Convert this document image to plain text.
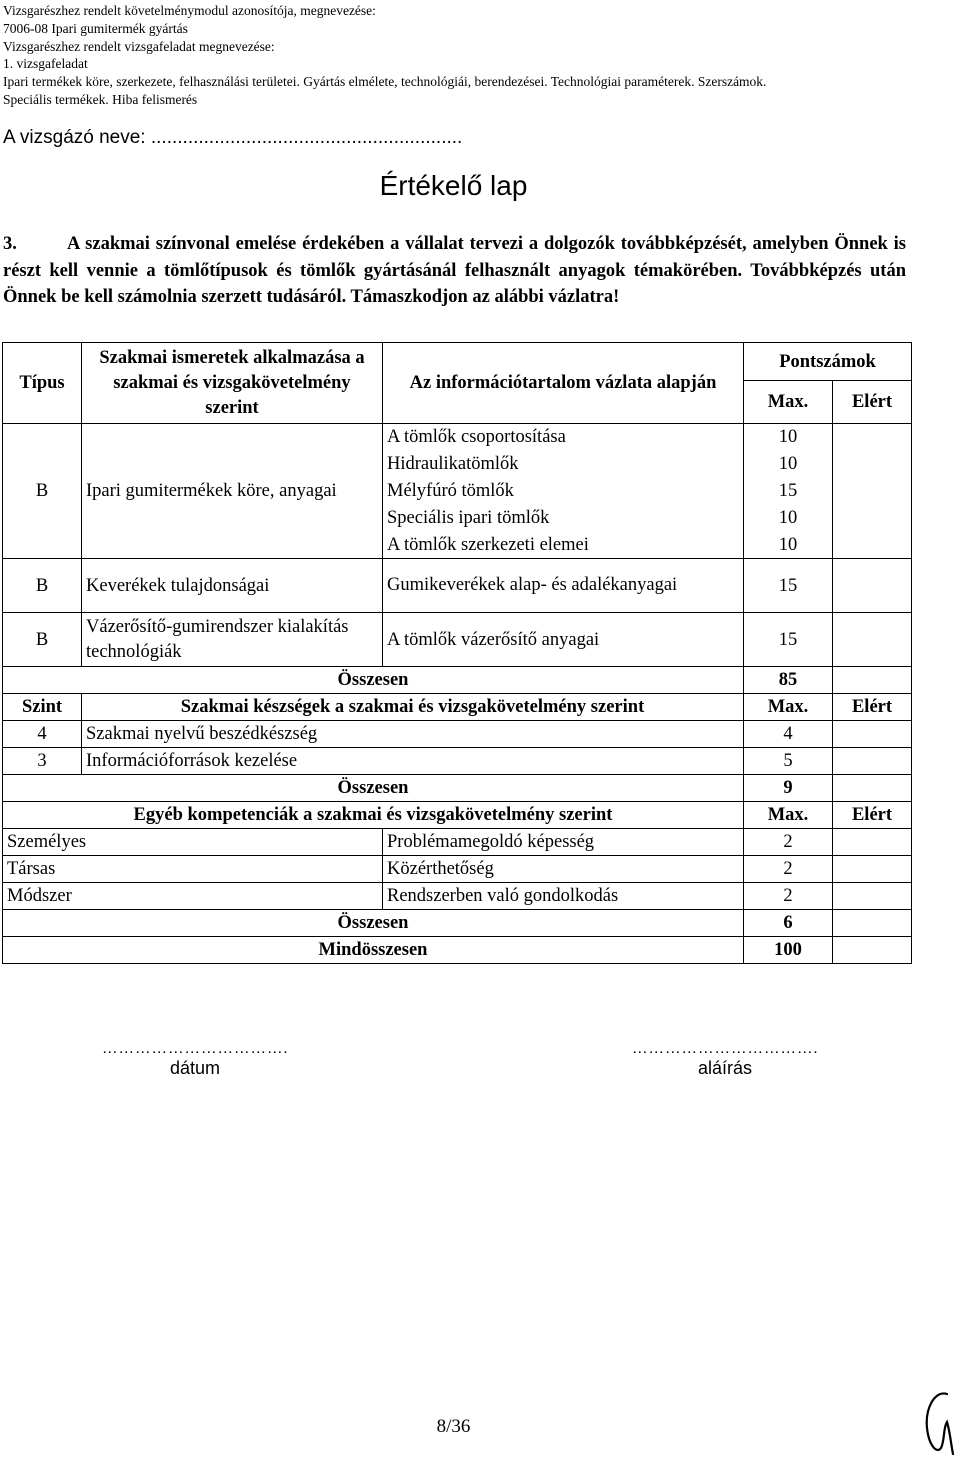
Vizsgarészhez rendelt követelménymodul azonosítója, megnevezése:
7006-08 Ipari gumitermék gyártás
Vizsgarészhez rendelt vizsgafeladat megnevezése:
1. vizsgafeladat
Ipari termékek köre, szerkezete, felhasználási területei. Gyártás elmélete, technológiái, berendezései. Technológiai paraméterek. Szerszámok.
Speciális termékek. Hiba felismerés
A vizsgázó neve: ...........................................................
Értékelő lap
3.	A szakmai színvonal emelése érdekében a vállalat tervezi a dolgozók továbbképzését, amelyben Önnek is részt kell vennie a tömlőtípusok és tömlők gyártásánál felhasznált anyagok témakörében. Továbbképzés után Önnek be kell számolnia szerzett tudásáról. Támaszkodjon az alábbi vázlatra!
Típus	Szakmai ismeretek alkalmazása a szakmai és vizsgakövetelmény szerint	Az információtartalom vázlata alapján	Pontszámok	
			Max.	Elért
B	Ipari gumitermékek köre, anyagai	A tömlők csoportosítása	10	
		Hidraulikatömlők	10	
		Mélyfúró tömlők	15	
		Speciális ipari tömlők	10	
		A tömlők szerkezeti elemei	10	
B	Keverékek tulajdonságai	Gumikeverékek alap- és adalékanyagai	15	
B	Vázerősítő-gumirendszer kialakítás technológiák	A tömlők vázerősítő anyagai	15	
Összesen			85	
Szint	Szakmai készségek a szakmai és vizsgakövetelmény szerint		Max.	Elért
4	Szakmai nyelvű beszédkészség		4	
3	Információforrások kezelése		5	
Összesen			9	
Egyéb kompetenciák a szakmai és vizsgakövetelmény szerint			Max.	Elért
Személyes		Problémamegoldó képesség	2	
Társas		Közérthetőség	2	
Módszer		Rendszerben való gondolkodás	2	
Összesen			6	
Mindösszesen			100	
…………………………….
dátum
…………………………….
aláírás
8/36
